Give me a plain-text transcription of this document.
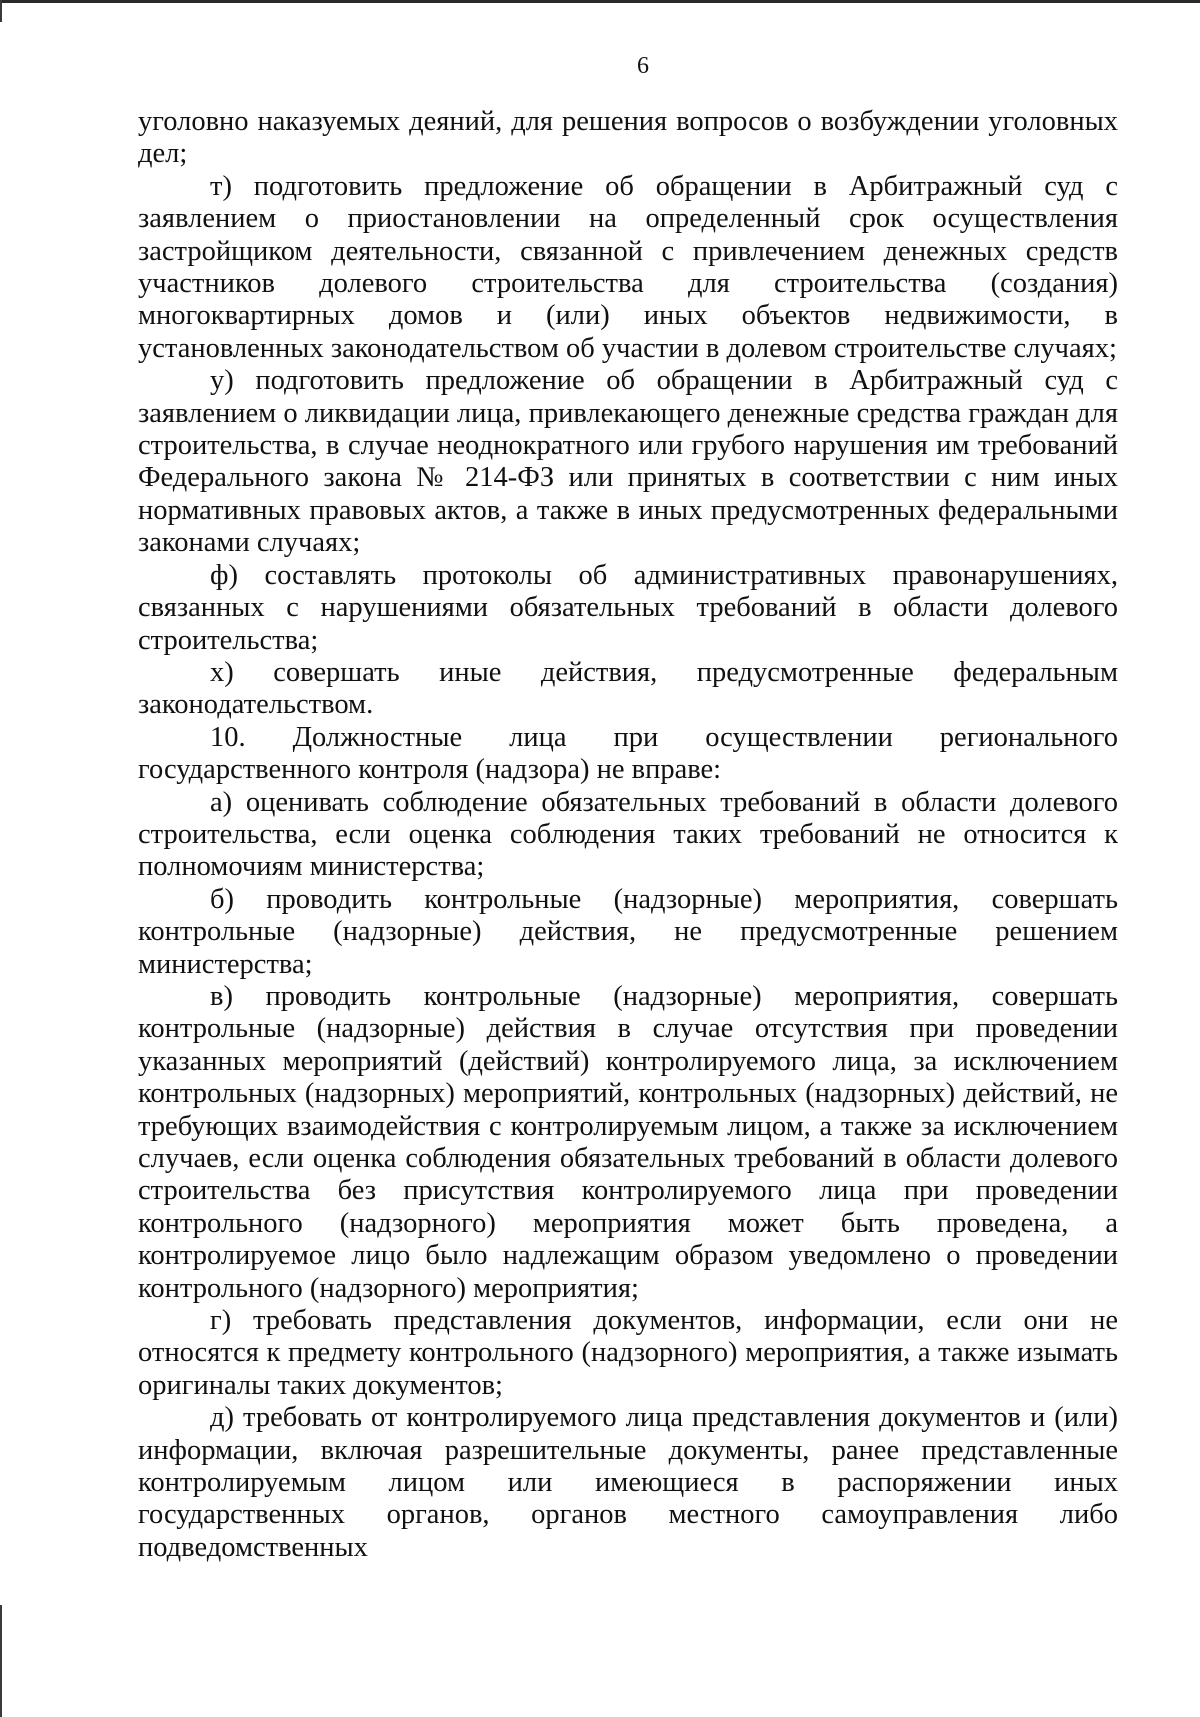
6

уголовно наказуемых деяний, для решения вопросов о возбуждении уголовных дел;

т) подготовить предложение об обращении в Арбитражный суд с заявлением о приостановлении на определенный срок осуществления застройщиком деятельности, связанной с привлечением денежных средств участников долевого строительства для строительства (создания) многоквартирных домов и (или) иных объектов недвижимости, в установленных законодательством об участии в долевом строительстве случаях;

у) подготовить предложение об обращении в Арбитражный суд с заявлением о ликвидации лица, привлекающего денежные средства граждан для строительства, в случае неоднократного или грубого нарушения им требований Федерального закона № 214-ФЗ или принятых в соответствии с ним иных нормативных правовых актов, а также в иных предусмотренных федеральными законами случаях;

ф) составлять протоколы об административных правонарушениях, связанных с нарушениями обязательных требований в области долевого строительства;

х) совершать иные действия, предусмотренные федеральным законодательством.

10. Должностные лица при осуществлении регионального государственного контроля (надзора) не вправе:

а) оценивать соблюдение обязательных требований в области долевого строительства, если оценка соблюдения таких требований не относится к полномочиям министерства;

б) проводить контрольные (надзорные) мероприятия, совершать контрольные (надзорные) действия, не предусмотренные решением министерства;

в) проводить контрольные (надзорные) мероприятия, совершать контрольные (надзорные) действия в случае отсутствия при проведении указанных мероприятий (действий) контролируемого лица, за исключением контрольных (надзорных) мероприятий, контрольных (надзорных) действий, не требующих взаимодействия с контролируемым лицом, а также за исключением случаев, если оценка соблюдения обязательных требований в области долевого строительства без присутствия контролируемого лица при проведении контрольного (надзорного) мероприятия может быть проведена, а контролируемое лицо было надлежащим образом уведомлено о проведении контрольного (надзорного) мероприятия;

г) требовать представления документов, информации, если они не относятся к предмету контрольного (надзорного) мероприятия, а также изымать оригиналы таких документов;

д) требовать от контролируемого лица представления документов и (или) информации, включая разрешительные документы, ранее представленные контролируемым лицом или имеющиеся в распоряжении иных государственных органов, органов местного самоуправления либо подведомственных
